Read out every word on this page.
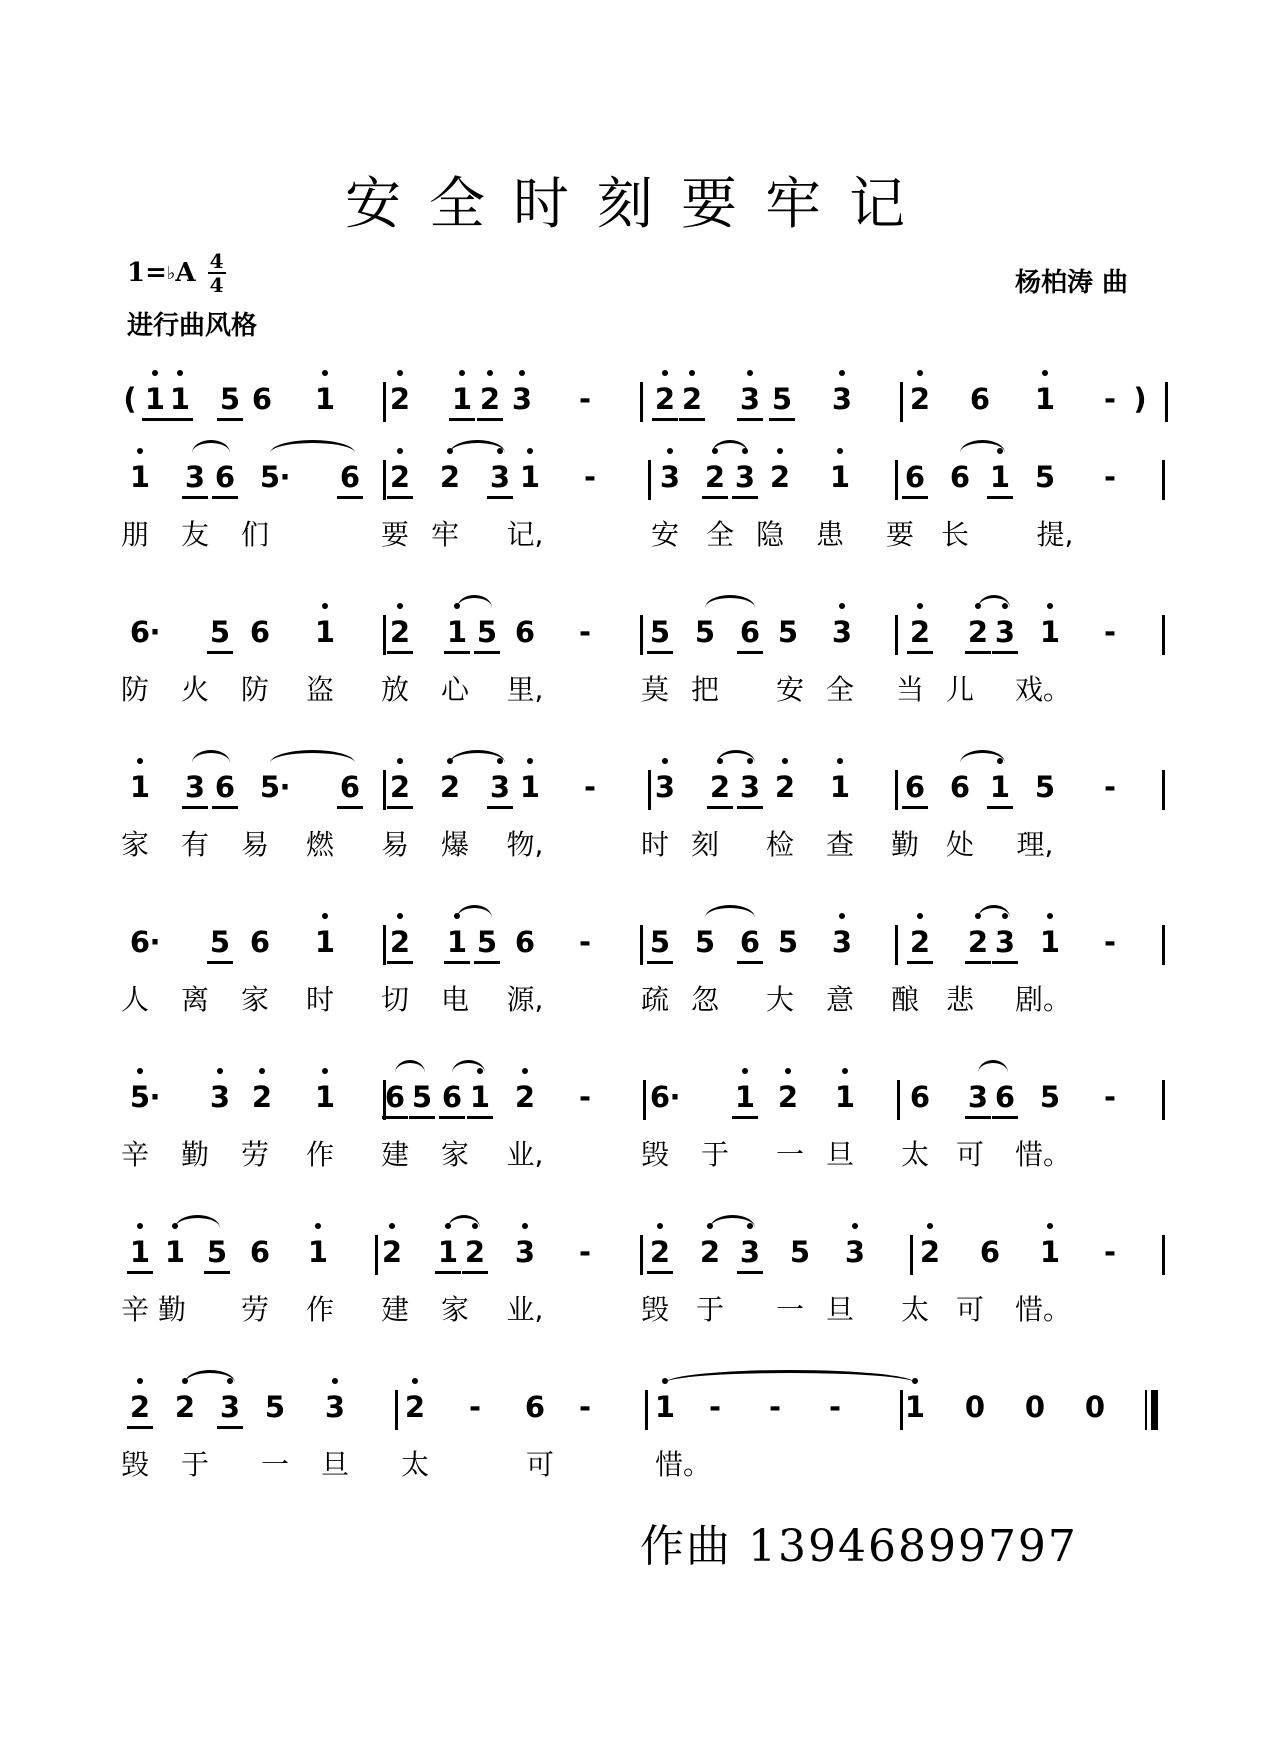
安全时刻要牢记
1= ♭ A 4
4
进行曲风格
杨柏涛 曲
( 1 1 5 6 1 2 1 2 3	-	2 2 3 5 3 2 6 1	- )
1 3 6 5 ·	6 2 2 3 1	-	3 2 3 2 1 6 6 1 5	-
朋 友 们	要 牢 记,	安 全 隐 患 要 长 提,
6 ·	5 6 1 2 1 5 6	-	5 5 6 5 3 2 2 3 1	-
防 火 防 盗 放 心 里,	莫 把 安 全 当 儿 戏。
1 3 6 5 ·	6 2 2 3 1	-	3 2 3 2 1 6 6 1 5	-
家 有 易 燃 易 爆 物,	时 刻 检 查 勤 处 理,
6 ·	5 6 1 2 1 5 6	-	5 5 6 5 3 2 2 3 1	-
人 离 家 时 切 电 源,	疏 忽 大 意 酿 悲 剧。
5 ·	3 2 1 6 5 6 1 2	-	6 ·	1 2 1 6 3 6 5	-
辛 勤 劳 作 建 家 业,	毁 于 一 旦 太 可 惜。
1 1 5 6 1 2 1 2 3	-	2 2 3 5 3 2 6 1	-
辛 勤 劳 作 建 家 业,	毁 于 一 旦 太 可 惜。
2 2 3 5 3 2	-	6	-	1	-	-	-	1 0 0 0
毁 于 一 旦 太	可	惜。
作曲 13946899797
